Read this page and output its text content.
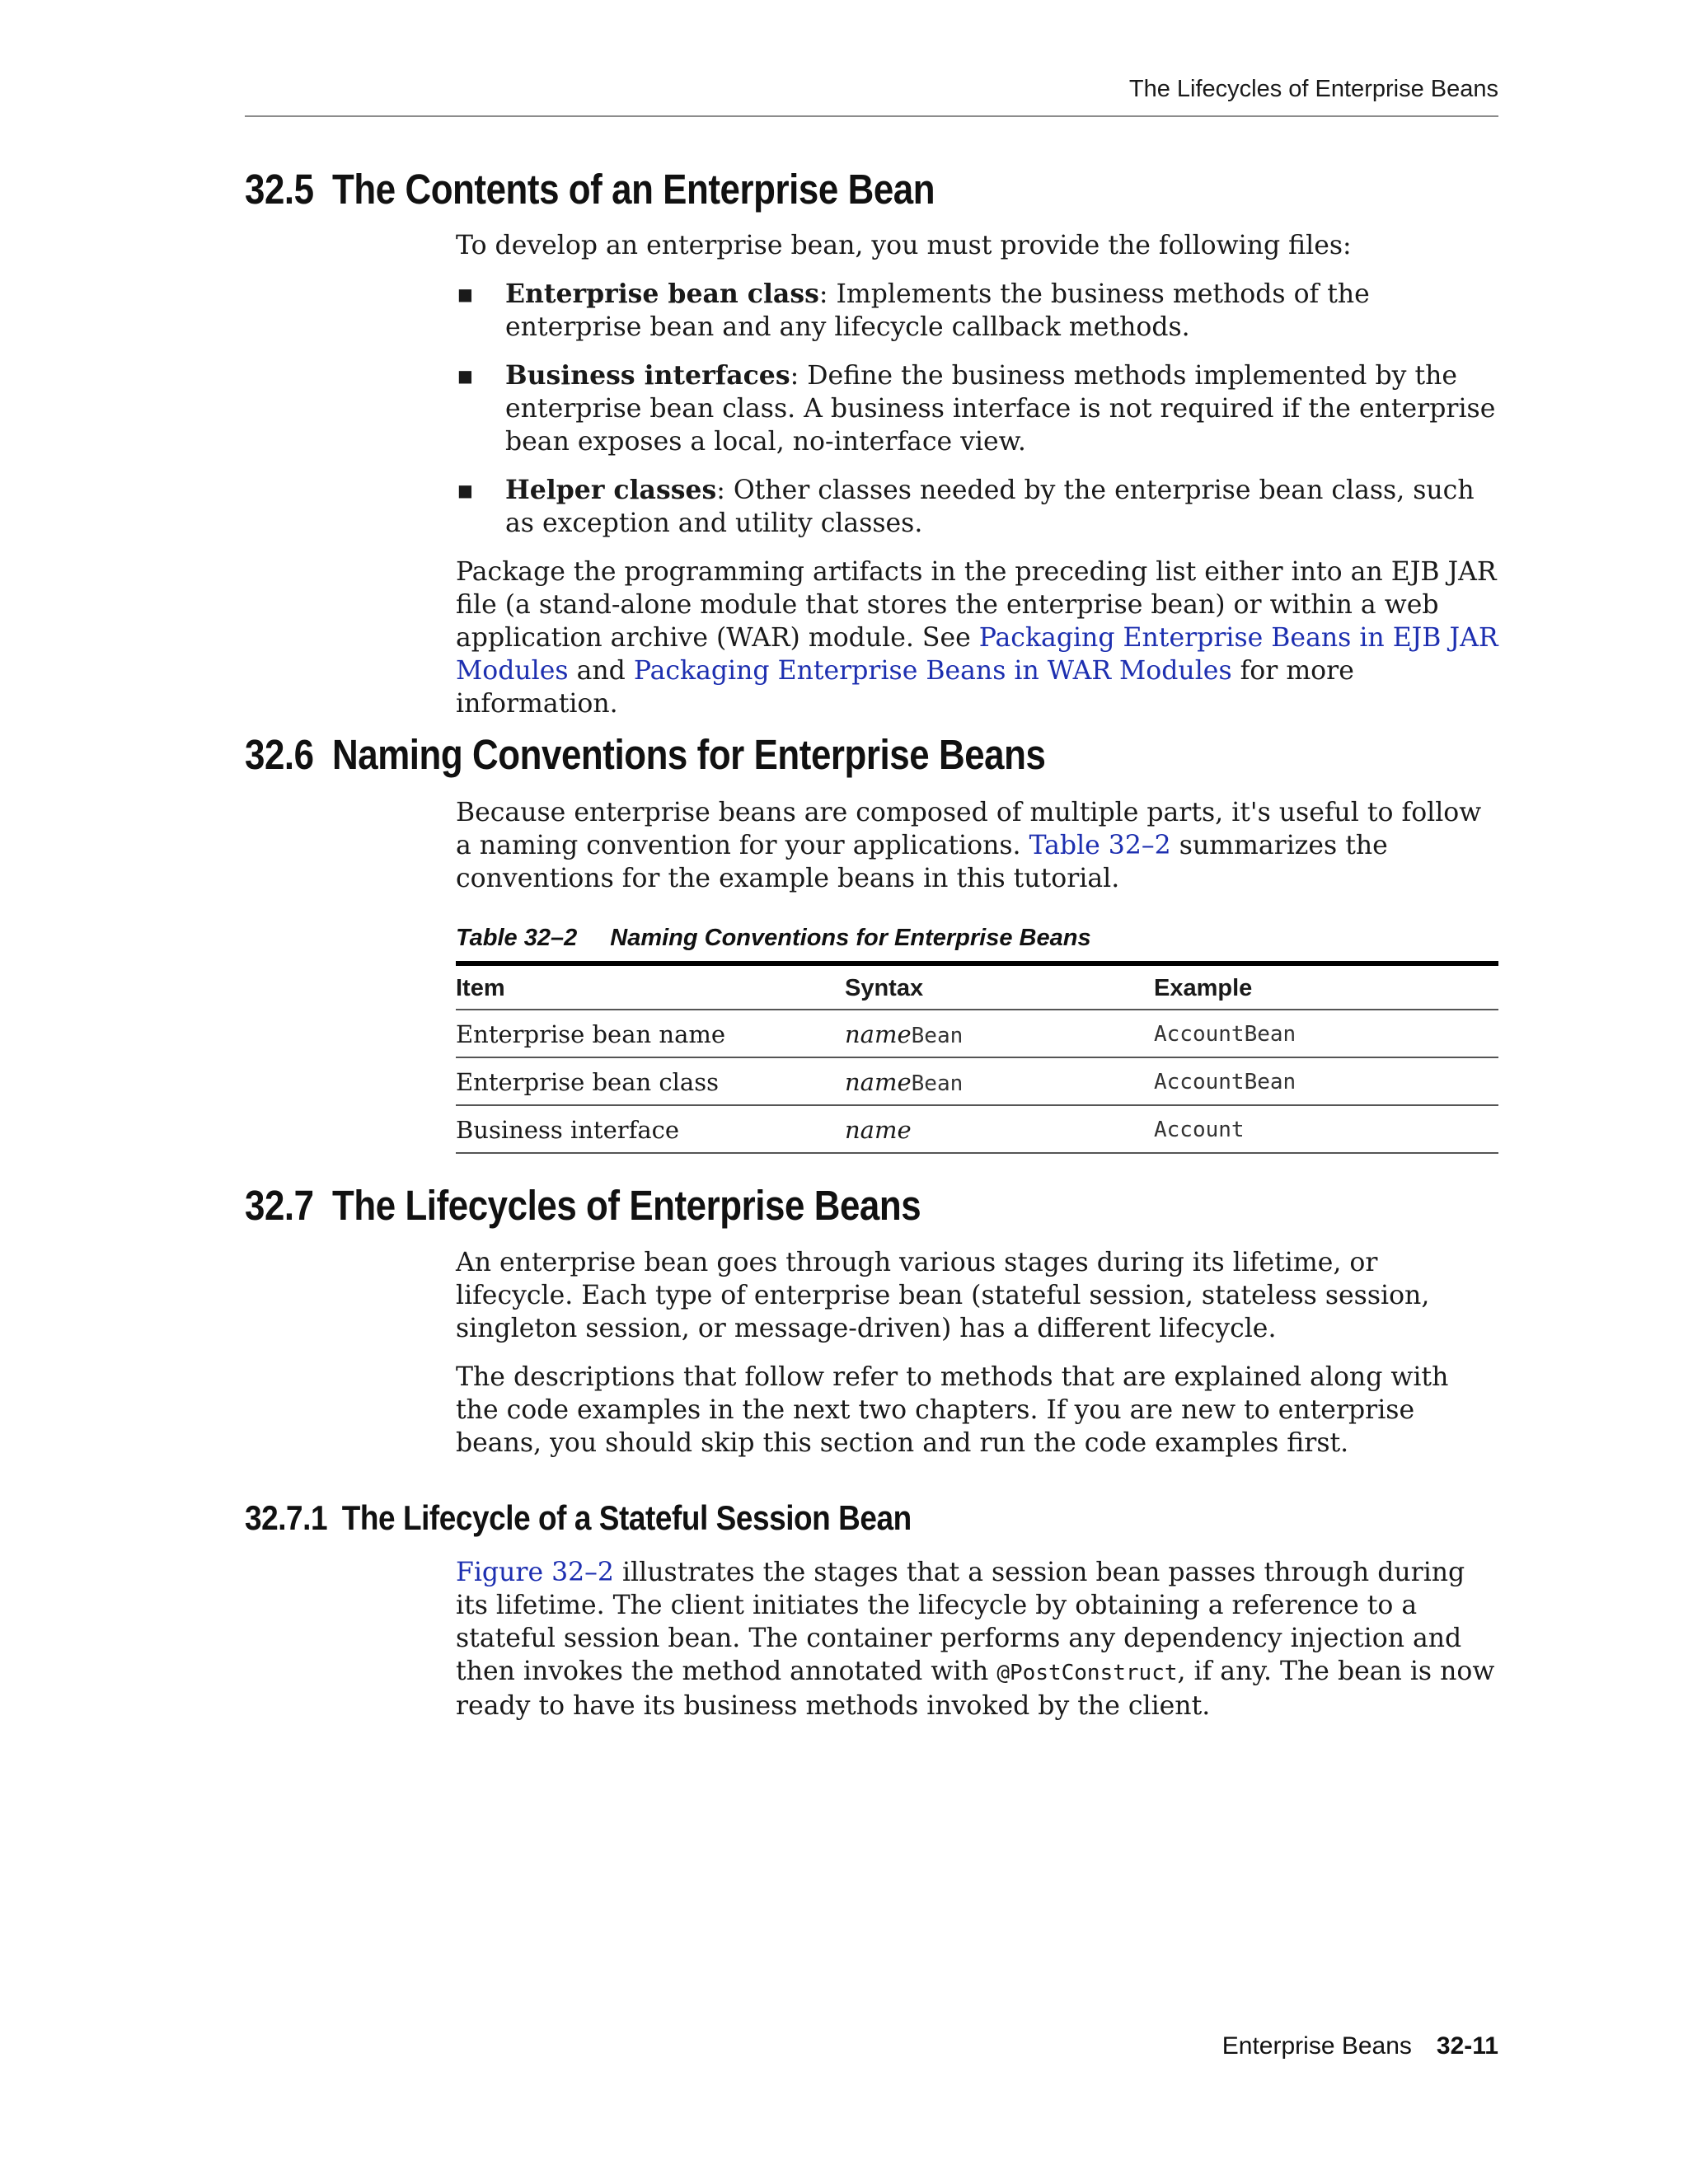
The Lifecycles of Enterprise Beans
32.5 The Contents of an Enterprise Bean

To develop an enterprise bean, you must provide the following files:

■ Enterprise bean class: Implements the business methods of the enterprise bean and any lifecycle callback methods.
■ Business interfaces: Define the business methods implemented by the enterprise bean class. A business interface is not required if the enterprise bean exposes a local, no-interface view.
■ Helper classes: Other classes needed by the enterprise bean class, such as exception and utility classes.

Package the programming artifacts in the preceding list either into an EJB JAR file (a stand-alone module that stores the enterprise bean) or within a web application archive (WAR) module. See Packaging Enterprise Beans in EJB JAR Modules and Packaging Enterprise Beans in WAR Modules for more information.

32.6 Naming Conventions for Enterprise Beans

Because enterprise beans are composed of multiple parts, it's useful to follow a naming convention for your applications. Table 32–2 summarizes the conventions for the example beans in this tutorial.

Table 32–2 Naming Conventions for Enterprise Beans
Item	Syntax	Example
Enterprise bean name	nameBean	AccountBean
Enterprise bean class	nameBean	AccountBean
Business interface	name	Account
32.7 The Lifecycles of Enterprise Beans

An enterprise bean goes through various stages during its lifetime, or lifecycle. Each type of enterprise bean (stateful session, stateless session, singleton session, or message-driven) has a different lifecycle.

The descriptions that follow refer to methods that are explained along with the code examples in the next two chapters. If you are new to enterprise beans, you should skip this section and run the code examples first.

32.7.1 The Lifecycle of a Stateful Session Bean

Figure 32–2 illustrates the stages that a session bean passes through during its lifetime. The client initiates the lifecycle by obtaining a reference to a stateful session bean. The container performs any dependency injection and then invokes the method annotated with @PostConstruct, if any. The bean is now ready to have its business methods invoked by the client.

Enterprise Beans 32-11
